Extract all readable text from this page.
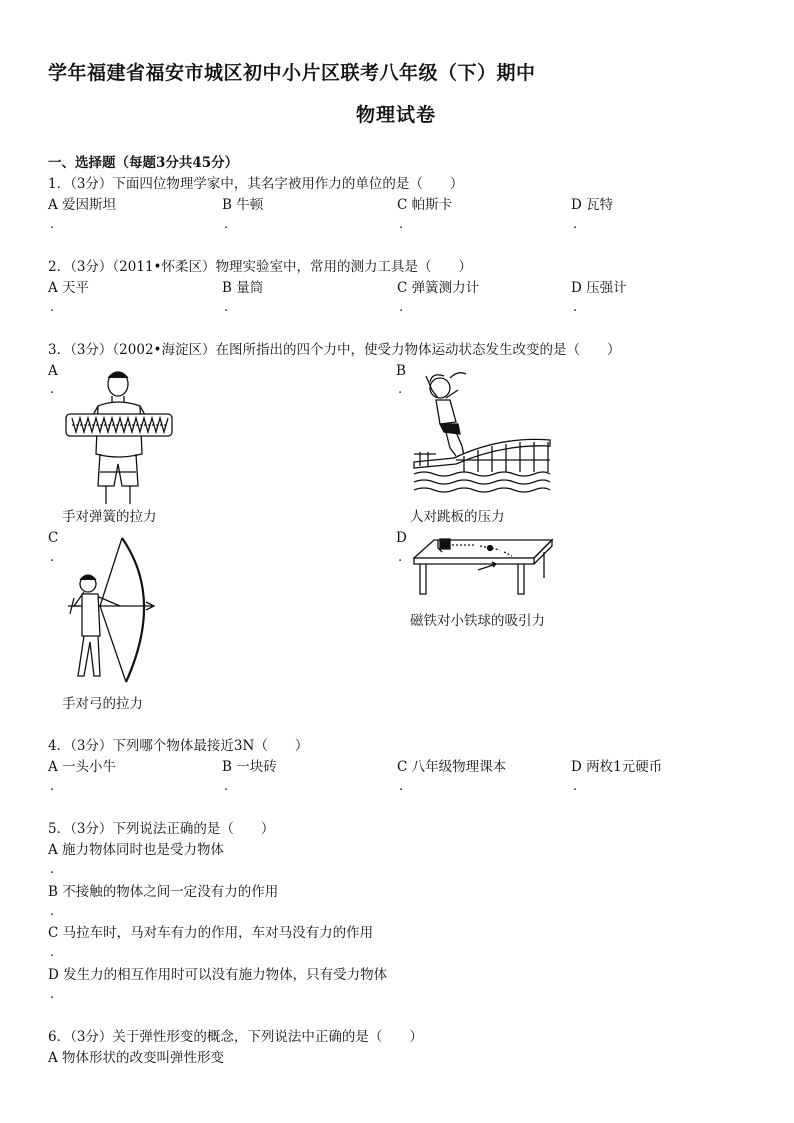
学年福建省福安市城区初中小片区联考八年级（下）期中
物理试卷
一、选择题（每题3分共45分）
1．（3分）下面四位物理学家中，其名字被用作力的单位的是（　　）
A 爱因斯坦	B 牛顿	C 帕斯卡	D 瓦特
.	.	.	.
2．（3分）（2011•怀柔区）物理实验室中，常用的测力工具是（　　）
A 天平	B 量筒	C 弹簧测力计	D 压强计
.	.	.	.
3．（3分）（2002•海淀区）在图所指出的四个力中，使受力物体运动状态发生改变的是（　　）
A
.
B
.
手对弹簧的拉力	人对跳板的压力
C
.
D
.
磁铁对小铁球的吸引力
手对弓的拉力
4．（3分）下列哪个物体最接近3N（　　）
A 一头小牛	B 一块砖	C 八年级物理课本	D 两枚1元硬币
.	.	.	.
5．（3分）下列说法正确的是（　　）
A 施力物体同时也是受力物体
.
B 不接触的物体之间一定没有力的作用
.
C 马拉车时，马对车有力的作用，车对马没有力的作用
.
D 发生力的相互作用时可以没有施力物体，只有受力物体
.
6．（3分）关于弹性形变的概念，下列说法中正确的是（　　）
A 物体形状的改变叫弹性形变
